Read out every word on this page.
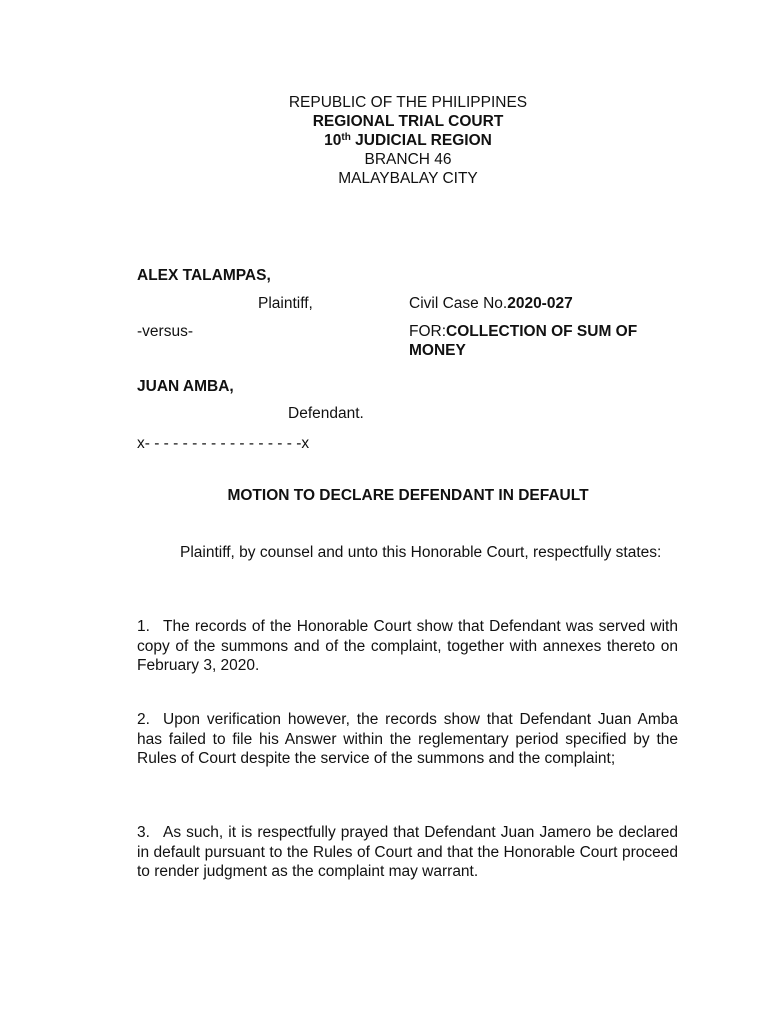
REPUBLIC OF THE PHILIPPINES
REGIONAL TRIAL COURT
10th JUDICIAL REGION
BRANCH 46
MALAYBALAY CITY
ALEX TALAMPAS,
Plaintiff,	Civil Case No.2020-027
-versus-	FOR:COLLECTION OF SUM OF
MONEY
JUAN AMBA,
Defendant.
x- - - - - - - - - - - - - - - - -x
MOTION TO DECLARE DEFENDANT IN DEFAULT

Plaintiff, by counsel and unto this Honorable Court, respectfully states:

1. The records of the Honorable Court show that Defendant was served with copy of the summons and of the complaint, together with annexes thereto on February 3, 2020.

2. Upon verification however, the records show that Defendant Juan Amba has failed to file his Answer within the reglementary period specified by the Rules of Court despite the service of the summons and the complaint;

3. As such, it is respectfully prayed that Defendant Juan Jamero be declared in default pursuant to the Rules of Court and that the Honorable Court proceed to render judgment as the complaint may warrant.
